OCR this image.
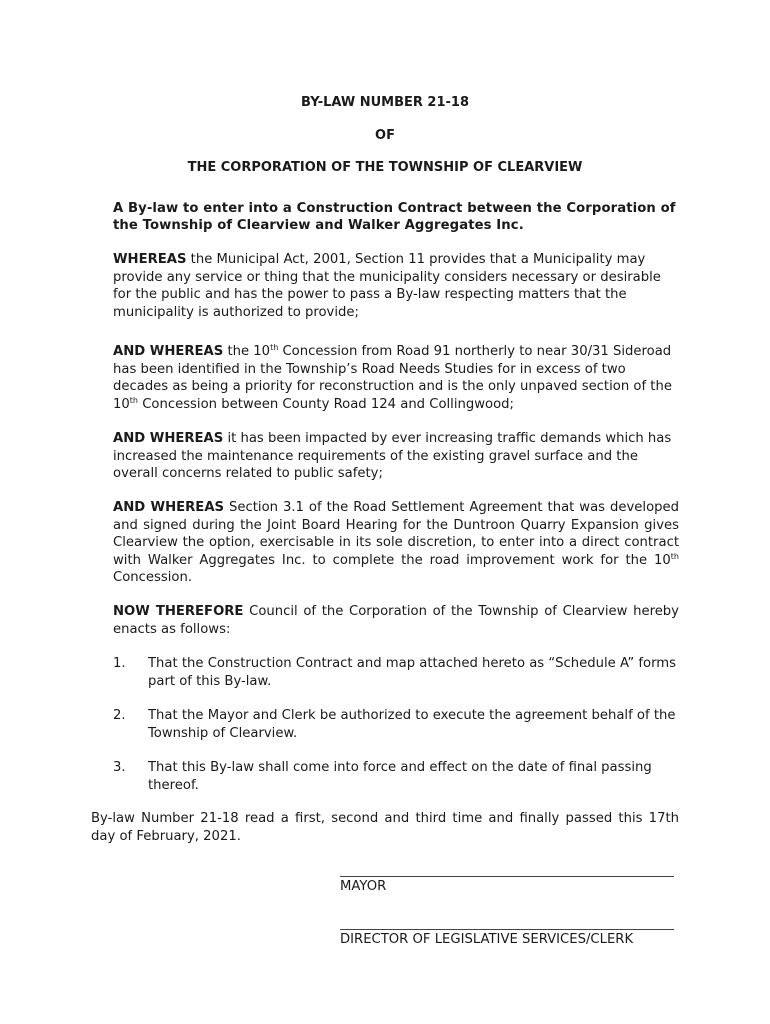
BY-LAW NUMBER 21-18
OF
THE CORPORATION OF THE TOWNSHIP OF CLEARVIEW

A By-law to enter into a Construction Contract between the Corporation of the Township of Clearview and Walker Aggregates Inc.

WHEREAS the Municipal Act, 2001, Section 11 provides that a Municipality may provide any service or thing that the municipality considers necessary or desirable for the public and has the power to pass a By-law respecting matters that the municipality is authorized to provide;

AND WHEREAS the 10th Concession from Road 91 northerly to near 30/31 Sideroad has been identified in the Township’s Road Needs Studies for in excess of two decades as being a priority for reconstruction and is the only unpaved section of the 10th Concession between County Road 124 and Collingwood;

AND WHEREAS it has been impacted by ever increasing traffic demands which has increased the maintenance requirements of the existing gravel surface and the overall concerns related to public safety;

AND WHEREAS Section 3.1 of the Road Settlement Agreement that was developed and signed during the Joint Board Hearing for the Duntroon Quarry Expansion gives Clearview the option, exercisable in its sole discretion, to enter into a direct contract with Walker Aggregates Inc. to complete the road improvement work for the 10th Concession.

NOW THEREFORE Council of the Corporation of the Township of Clearview hereby enacts as follows:

1. That the Construction Contract and map attached hereto as “Schedule A” forms part of this By-law.
2. That the Mayor and Clerk be authorized to execute the agreement behalf of the Township of Clearview.
3. That this By-law shall come into force and effect on the date of final passing thereof.

By-law Number 21-18 read a first, second and third time and finally passed this 17th day of February, 2021.

MAYOR
DIRECTOR OF LEGISLATIVE SERVICES/CLERK
